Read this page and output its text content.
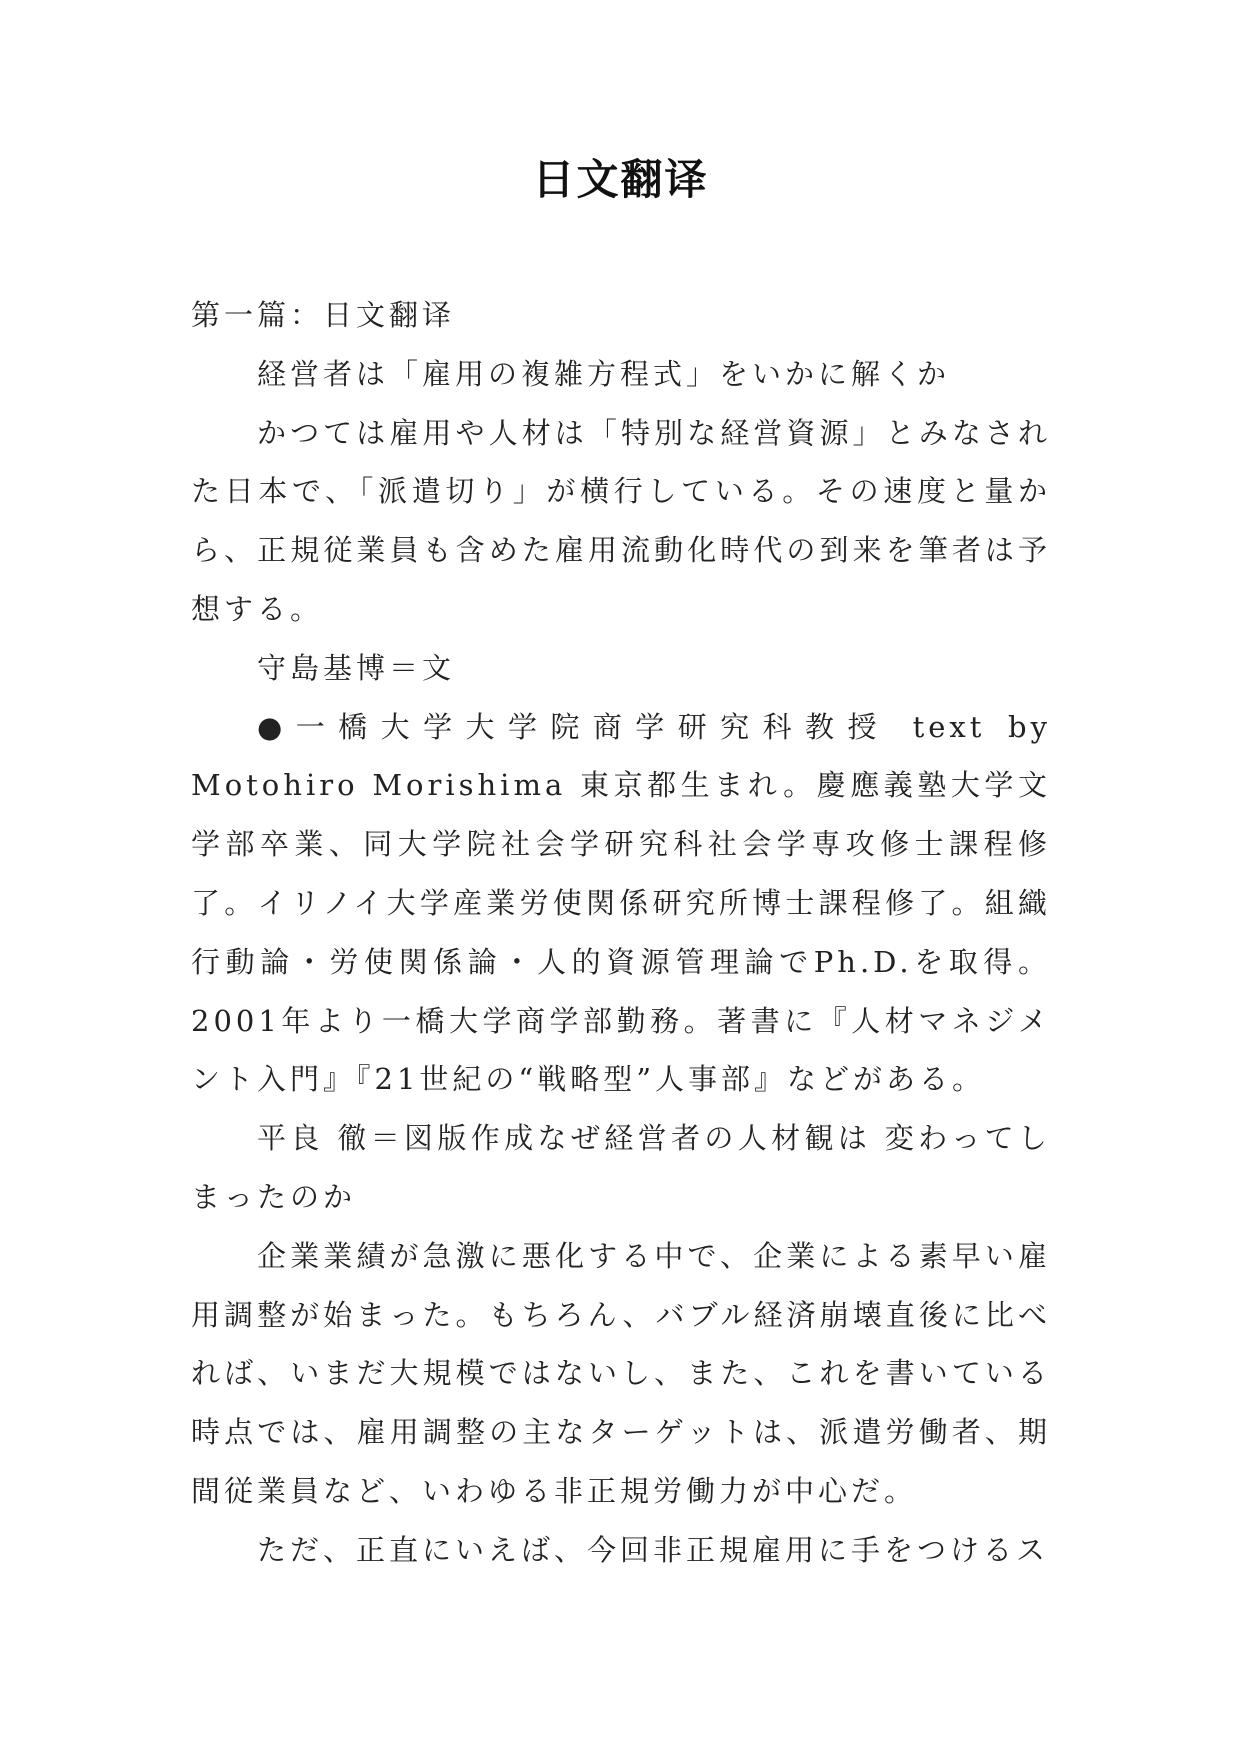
日文翻译

第一篇：日文翻译

経営者は「雇用の複雑方程式」をいかに解くか

かつては雇用や人材は「特別な経営資源」とみなされた日本で、「派遣切り」が横行している。その速度と量から、正規従業員も含めた雇用流動化時代の到来を筆者は予想する。

守島基博＝文

●一橋大学大学院商学研究科教授 text by Motohiro Morishima 東京都生まれ。慶應義塾大学文学部卒業、同大学院社会学研究科社会学専攻修士課程修了。イリノイ大学産業労使関係研究所博士課程修了。組織行動論・労使関係論・人的資源管理論でPh.D.を取得。2001年より一橋大学商学部勤務。著書に『人材マネジメント入門』『21世紀の“戦略型”人事部』などがある。

平良 徹＝図版作成なぜ経営者の人材観は 変わってしまったのか

企業業績が急激に悪化する中で、企業による素早い雇用調整が始まった。もちろん、バブル経済崩壊直後に比べれば、いまだ大規模ではないし、また、これを書いている時点では、雇用調整の主なターゲットは、派遣労働者、期間従業員など、いわゆる非正規労働力が中心だ。

ただ、正直にいえば、今回非正規雇用に手をつけるス
